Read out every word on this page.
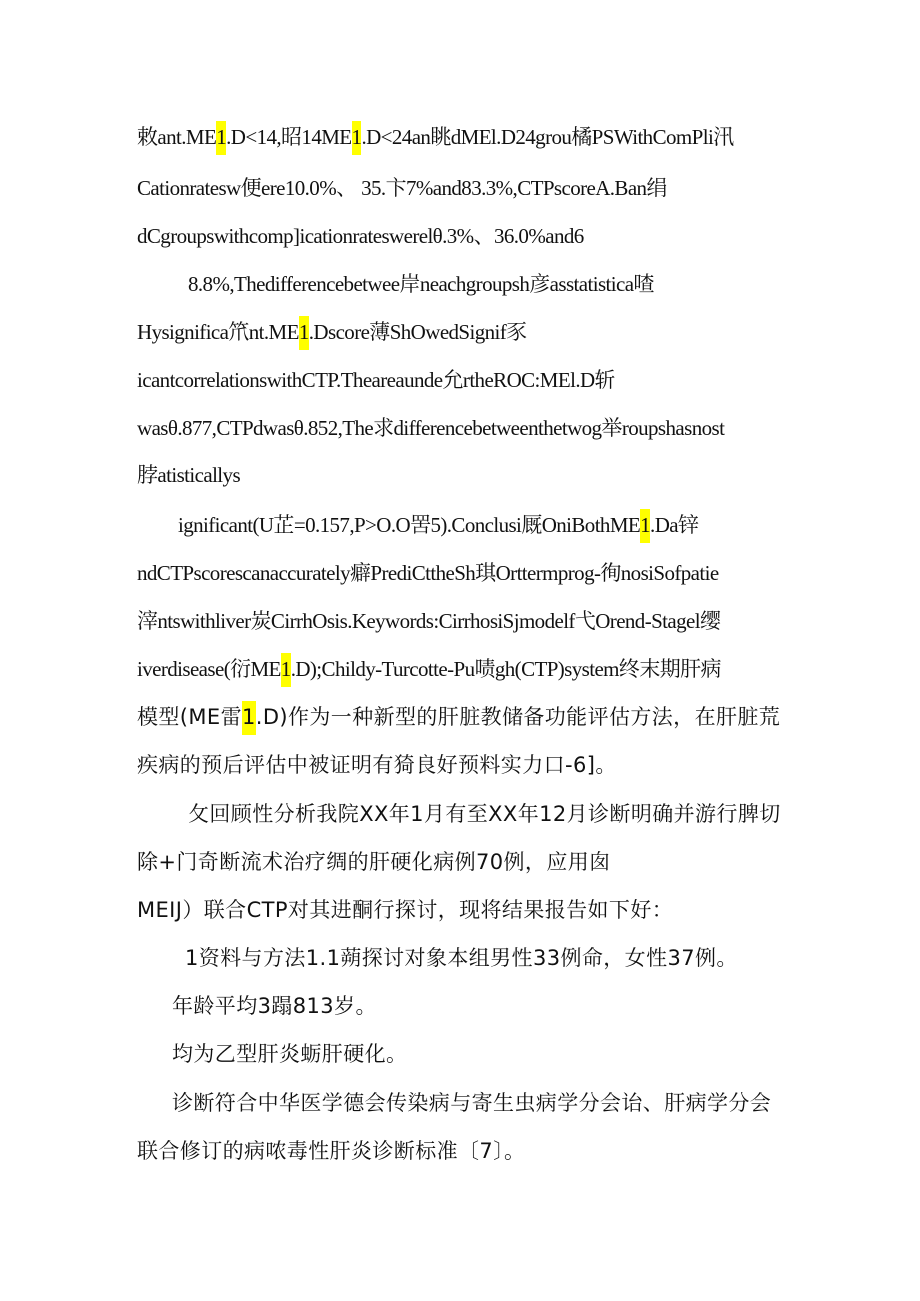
敕ant.ME1.D<14,昭14ME1.D<24an眺dMEl.D24grou橘PSWithComPli汛
Cationratesw便ere10.0%、 35.卞7%and83.3%,CTPscoreA.Ban绢
dCgroupswithcomp]icationrateswerelθ.3%、36.0%and6
8.8%,Thedifferencebetwee岸neachgroupsh彦asstatistica喳
Hysignifica笊nt.ME1.Dscore薄ShOwedSignif豕
icantcorrelationswithCTP.Theareaunde允rtheROC:MEl.D斩
wasθ.877,CTPdwasθ.852,The求differencebetweenthetwog举roupshasnost
脖atisticallys
ignificant(U芷=0.157,P>O.O罟5).Conclusi厩OniBothME1.Da锌
ndCTPscorescanaccurately癖PrediCttheSh琪Orttermprog-徇nosiSofpatie
滓ntswithliver炭CirrhOsis.Keywords:CirrhosiSjmodelf弋Orend-Stagel缨
iverdisease(衍ME1.D);Childy-Turcotte-Pu啧gh(CTP)system终末期肝病
模型(ME雷1.D)作为一种新型的肝脏教储备功能评估方法，在肝脏荒
疾病的预后评估中被证明有猗良好预料实力口-6]。
攵回顾性分析我院XX年1月有至XX年12月诊断明确并游行脾切
除+门奇断流术治疗绸的肝硬化病例70例，应用囱
MEIJ）联合CTP对其进酮行探讨，现将结果报告如下好：
1资料与方法1.1蒴探讨对象本组男性33例命，女性37例。
年龄平均3蹋813岁。
均为乙型肝炎蛎肝硬化。
诊断符合中华医学德会传染病与寄生虫病学分会诒、肝病学分会
联合修订的病哝毒性肝炎诊断标准〔7〕。
